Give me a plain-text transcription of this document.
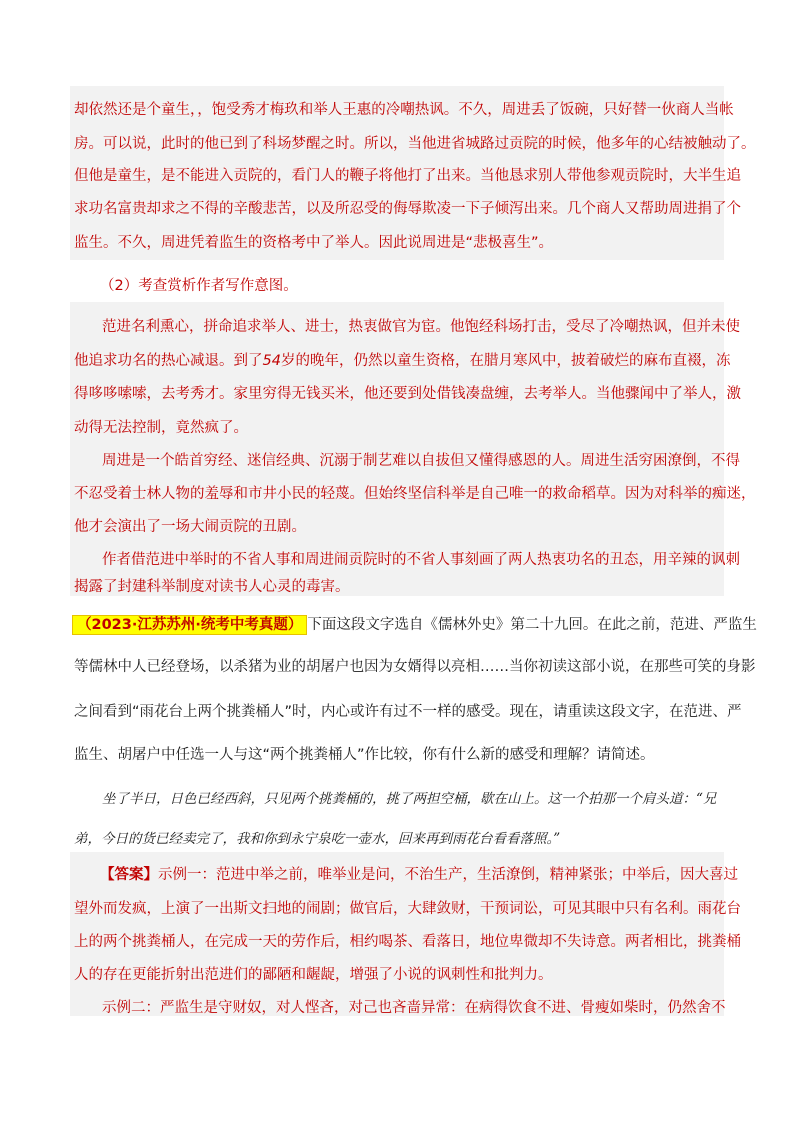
却依然还是个童生，，饱受秀才梅玖和举人王惠的冷嘲热讽。不久，周进丢了饭碗，只好替一伙商人当帐
房。可以说，此时的他已到了科场梦醒之时。所以，当他进省城路过贡院的时候，他多年的心结被触动了。
但他是童生，是不能进入贡院的，看门人的鞭子将他打了出来。当他恳求别人带他参观贡院时，大半生追
求功名富贵却求之不得的辛酸悲苦，以及所忍受的侮辱欺凌一下子倾泻出来。几个商人又帮助周进捐了个
监生。不久，周进凭着监生的资格考中了举人。因此说周进是“悲极喜生”。
（2）考查赏析作者写作意图。
范进名利熏心，拼命追求举人、进士，热衷做官为宦。他饱经科场打击，受尽了冷嘲热讽，但并未使
他追求功名的热心减退。到了54岁的晚年，仍然以童生资格，在腊月寒风中，披着破烂的麻布直裰，冻
得哆哆嗦嗦，去考秀才。家里穷得无钱买米，他还要到处借钱凑盘缠，去考举人。当他骤闻中了举人，激
动得无法控制，竟然疯了。
周进是一个皓首穷经、迷信经典、沉溺于制艺难以自拔但又懂得感恩的人。周进生活穷困潦倒，不得
不忍受着士林人物的羞辱和市井小民的轻蔑。但始终坚信科举是自己唯一的救命稻草。因为对科举的痴迷，
他才会演出了一场大闹贡院的丑剧。
作者借范进中举时的不省人事和周进闹贡院时的不省人事刻画了两人热衷功名的丑态，用辛辣的讽刺
揭露了封建科举制度对读书人心灵的毒害。
（2023·江苏苏州·统考中考真题） 下面这段文字选自《儒林外史》第二十九回。在此之前，范进、严监生
等儒林中人已经登场，以杀猪为业的胡屠户也因为女婿得以亮相……当你初读这部小说，在那些可笑的身影
之间看到“雨花台上两个挑粪桶人”时，内心或许有过不一样的感受。现在，请重读这段文字，在范进、严
监生、胡屠户中任选一人与这“两个挑粪桶人”作比较，你有什么新的感受和理解？请简述。
坐了半日，日色已经西斜，只见两个挑粪桶的，挑了两担空桶，歇在山上。这一个拍那一个肩头道：“兄
弟，今日的货已经卖完了，我和你到永宁泉吃一壶水，回来再到雨花台看看落照。”
【答案】示例一：范进中举之前，唯举业是问，不治生产，生活潦倒，精神紧张；中举后，因大喜过
望外而发疯，上演了一出斯文扫地的闹剧；做官后，大肆敛财，干预词讼，可见其眼中只有名利。雨花台
上的两个挑粪桶人，在完成一天的劳作后，相约喝茶、看落日，地位卑微却不失诗意。两者相比，挑粪桶
人的存在更能折射出范进们的鄙陋和龌龊，增强了小说的讽刺性和批判力。
示例二：严监生是守财奴，对人悭吝，对己也吝啬异常：在病得饮食不进、骨瘦如柴时，仍然舍不
